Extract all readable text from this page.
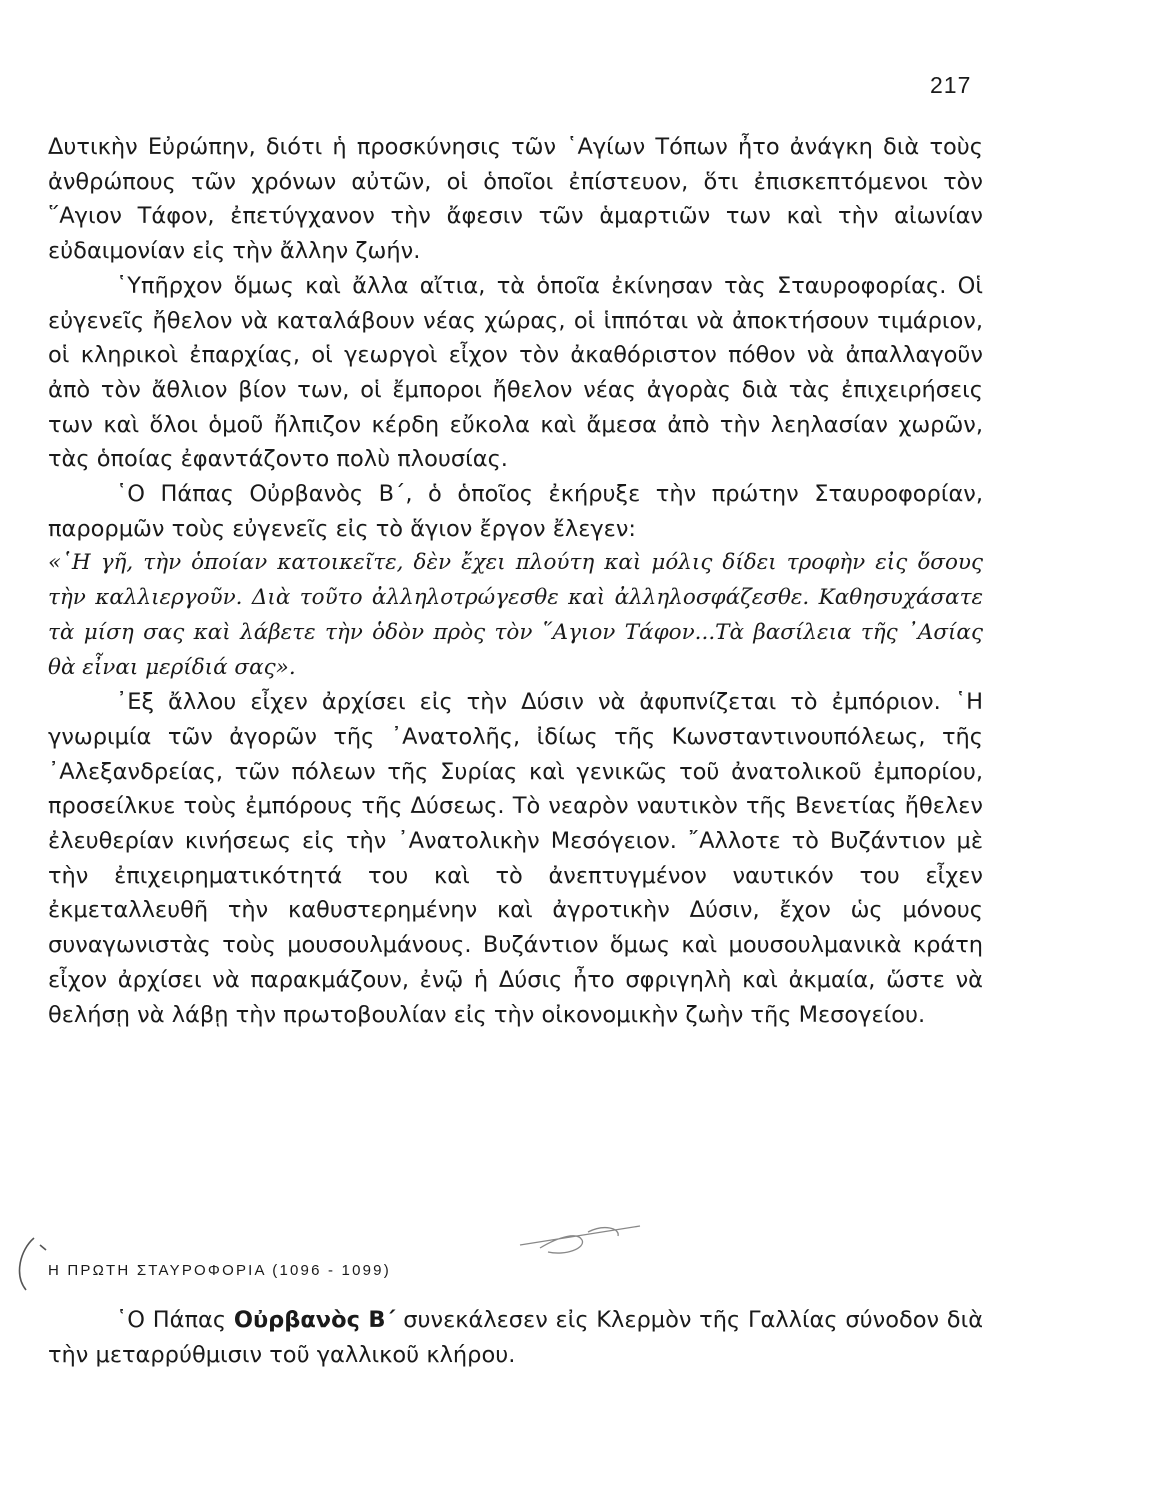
217

Δυτικὴν Εὐρώπην, διότι ἡ προσκύνησις τῶν ῾Αγίων Τόπων ἦτο ἀνάγκη διὰ τοὺς ἀνθρώπους τῶν χρόνων αὐτῶν, οἱ ὁποῖοι ἐπίστευον, ὅτι ἐπισκεπτόμενοι τὸν ῞Αγιον Τάφον, ἐπετύγχανον τὴν ἄφεσιν τῶν ἁμαρτιῶν των καὶ τὴν αἰωνίαν εὐδαιμονίαν εἰς τὴν ἄλλην ζωήν.

῾Υπῆρχον ὅμως καὶ ἄλλα αἴτια, τὰ ὁποῖα ἐκίνησαν τὰς Σταυροφορίας. Οἱ εὐγενεῖς ἤθελον νὰ καταλάβουν νέας χώρας, οἱ ἱππόται νὰ ἀποκτήσουν τιμάριον, οἱ κληρικοὶ ἐπαρχίας, οἱ γεωργοὶ εἶχον τὸν ἀκαθόριστον πόθον νὰ ἀπαλλαγοῦν ἀπὸ τὸν ἄθλιον βίον των, οἱ ἔμποροι ἤθελον νέας ἀγορὰς διὰ τὰς ἐπιχειρήσεις των καὶ ὅλοι ὁμοῦ ἤλπιζον κέρδη εὔκολα καὶ ἄμεσα ἀπὸ τὴν λεηλασίαν χωρῶν, τὰς ὁποίας ἐφαντάζοντο πολὺ πλουσίας.

῾Ο Πάπας Οὐρβανὸς Β΄, ὁ ὁποῖος ἐκήρυξε τὴν πρώτην Σταυροφορίαν, παρορμῶν τοὺς εὐγενεῖς εἰς τὸ ἅγιον ἔργον ἔλεγεν:

«῾Η γῆ, τὴν ὁποίαν κατοικεῖτε, δὲν ἔχει πλούτη καὶ μόλις δίδει τροφὴν εἰς ὅσους τὴν καλλιεργοῦν. Διὰ τοῦτο ἀλληλοτρώγεσθε καὶ ἀλληλοσφάζεσθε. Καθησυχάσατε τὰ μίση σας καὶ λάβετε τὴν ὁδὸν πρὸς τὸν ῞Αγιον Τάφον...Τὰ βασίλεια τῆς ᾿Ασίας θὰ εἶναι μερίδιά σας».

᾿Εξ ἄλλου εἶχεν ἀρχίσει εἰς τὴν Δύσιν νὰ ἀφυπνίζεται τὸ ἐμπόριον. ῾Η γνωριμία τῶν ἀγορῶν τῆς ᾿Ανατολῆς, ἰδίως τῆς Κωνσταντινουπόλεως, τῆς ᾿Αλεξανδρείας, τῶν πόλεων τῆς Συρίας καὶ γενικῶς τοῦ ἀνατολικοῦ ἐμπορίου, προσείλκυε τοὺς ἐμπόρους τῆς Δύσεως. Τὸ νεαρὸν ναυτικὸν τῆς Βενετίας ἤθελεν ἐλευθερίαν κινήσεως εἰς τὴν ᾿Ανατολικὴν Μεσόγειον. ῎Αλλοτε τὸ Βυζάντιον μὲ τὴν ἐπιχειρηματικότητά του καὶ τὸ ἀνεπτυγμένον ναυτικόν του εἶχεν ἐκμεταλλευθῆ τὴν καθυστερημένην καὶ ἀγροτικὴν Δύσιν, ἔχον ὡς μόνους συναγωνιστὰς τοὺς μουσουλμάνους. Βυζάντιον ὅμως καὶ μουσουλμανικὰ κράτη εἶχον ἀρχίσει νὰ παρακμάζουν, ἐνῷ ἡ Δύσις ἦτο σφριγηλὴ καὶ ἀκμαία, ὥστε νὰ θελήσῃ νὰ λάβῃ τὴν πρωτοβουλίαν εἰς τὴν οἰκονομικὴν ζωὴν τῆς Μεσογείου.

Η ΠΡΩΤΗ ΣΤΑΥΡΟΦΟΡΙΑ (1096 - 1099)

῾Ο Πάπας Οὐρβανὸς Β΄ συνεκάλεσεν εἰς Κλερμὸν τῆς Γαλλίας σύνοδον διὰ τὴν μεταρρύθμισιν τοῦ γαλλικοῦ κλήρου.
